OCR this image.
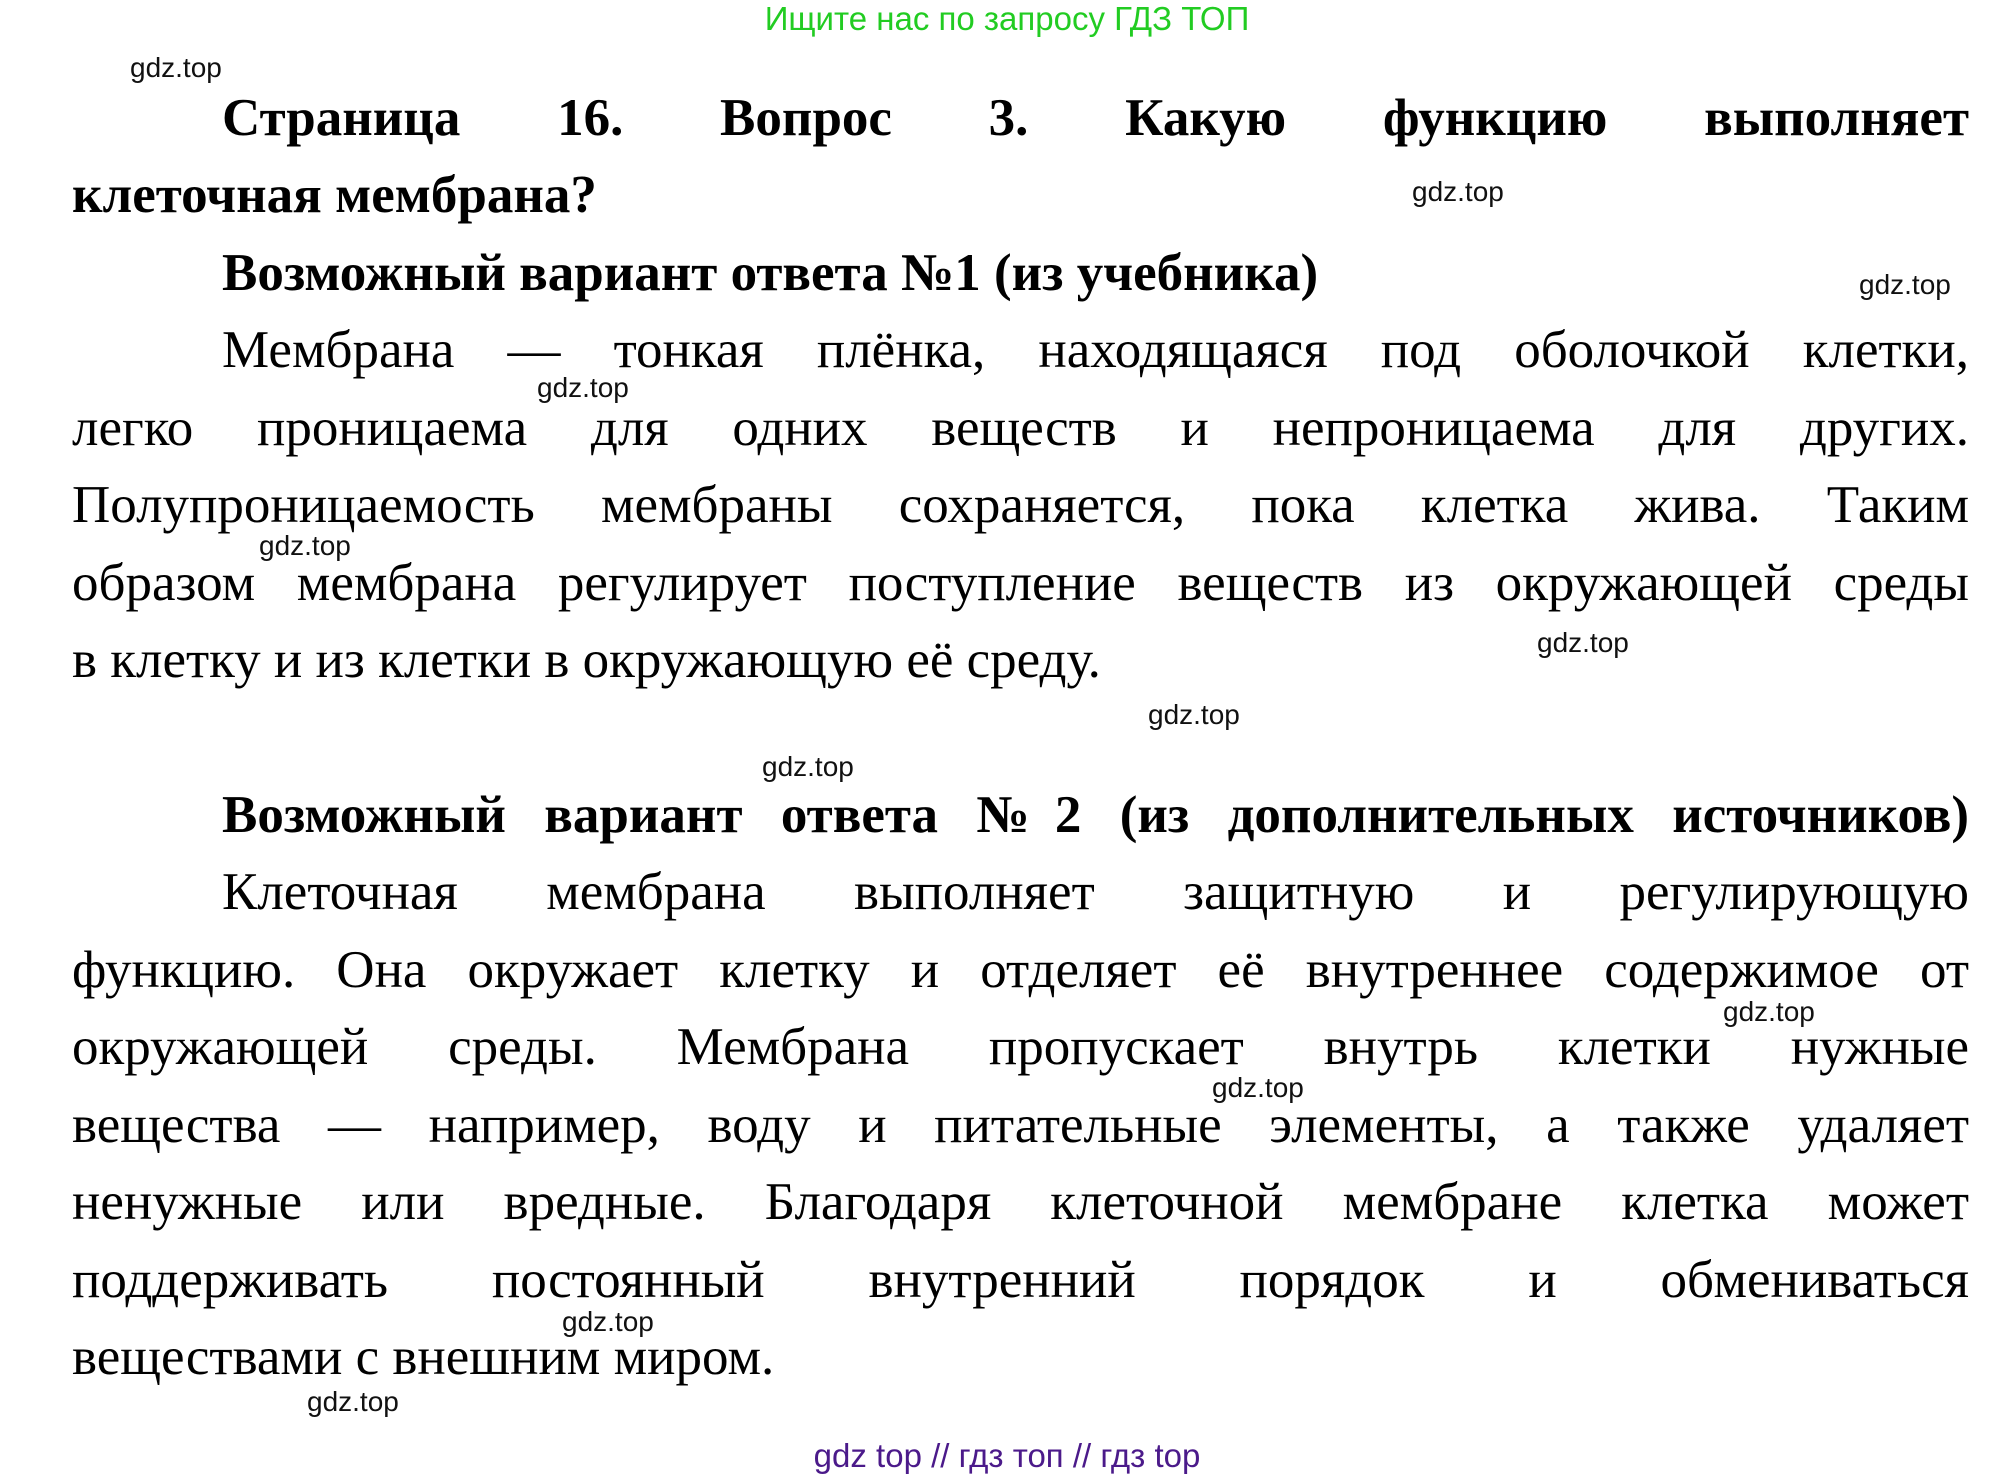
Ищите нас по запросу ГДЗ ТОП
Страница 16. Вопрос 3. Какую функцию выполняет
клеточная мембрана?
Возможный вариант ответа №1 (из учебника)
Мембрана — тонкая плёнка, находящаяся под оболочкой клетки,
легко проницаема для одних веществ и непроницаема для других.
Полупроницаемость мембраны сохраняется, пока клетка жива. Таким
образом мембрана регулирует поступление веществ из окружающей среды
в клетку и из клетки в окружающую её среду.
Возможный вариант ответа №2 (из дополнительных источников)
Клеточная мембрана выполняет защитную и регулирующую
функцию. Она окружает клетку и отделяет её внутреннее содержимое от
окружающей среды. Мембрана пропускает внутрь клетки нужные
вещества — например, воду и питательные элементы, а также удаляет
ненужные или вредные. Благодаря клеточной мембране клетка может
поддерживать постоянный внутренний порядок и обмениваться
веществами с внешним миром.
gdz.top
gdz.top
gdz.top
gdz.top
gdz.top
gdz.top
gdz.top
gdz.top
gdz.top
gdz.top
gdz.top
gdz.top
gdz top // гдз топ // гдз top
